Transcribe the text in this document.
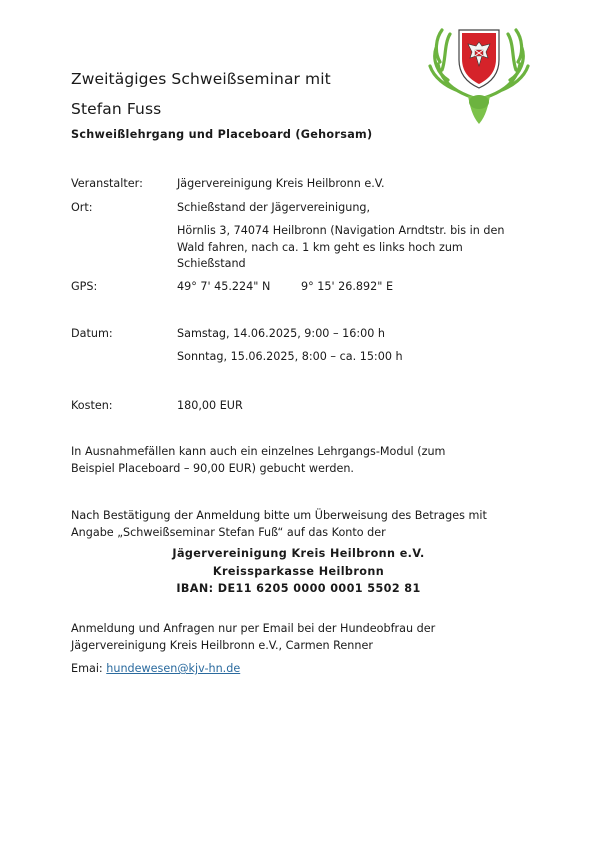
Zweitägiges Schweißseminar mit
Stefan Fuss
Schweißlehrgang und Placeboard (Gehorsam)

Veranstalter:	Jägervereinigung Kreis Heilbronn e.V.

Ort:	Schießstand der Jägervereinigung,

Hörnlis 3, 74074 Heilbronn (Navigation Arndtstr. bis in den Wald fahren, nach ca. 1 km geht es links hoch zum Schießstand

GPS:	49° 7' 45.224" N	9° 15' 26.892" E

Datum:	Samstag, 14.06.2025, 9:00 – 16:00 h

Sonntag, 15.06.2025, 8:00 – ca. 15:00 h

Kosten:	180,00 EUR

In Ausnahmefällen kann auch ein einzelnes Lehrgangs-Modul (zum Beispiel Placeboard – 90,00 EUR) gebucht werden.

Nach Bestätigung der Anmeldung bitte um Überweisung des Betrages mit Angabe „Schweißseminar Stefan Fuß“ auf das Konto der

Jägervereinigung Kreis Heilbronn e.V.

Kreissparkasse Heilbronn

IBAN: DE11 6205 0000 0001 5502 81

Anmeldung und Anfragen nur per Email bei der Hundeobfrau der Jägervereinigung Kreis Heilbronn e.V., Carmen Renner

Emai: hundewesen@kjv-hn.de
